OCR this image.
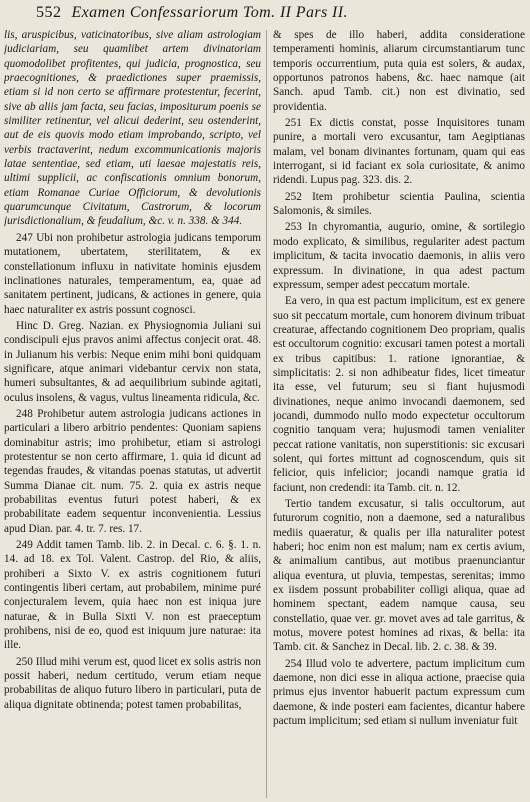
552 Examen Confessariorum Tom. II Pars II.

lis, aruspicibus, vaticinatoribus, sive aliam astrologiam judiciariam, seu quamlibet artem divinatoriam quomodolibet profitentes, qui judicia, prognostica, seu praecognitiones, & praedictiones super praemissis, etiam si id non certo se affirmare protestentur, fecerint, sive ab aliis jam facta, seu facias, impositurum poenis se similiter retinentur, vel alicui dederint, seu ostenderint, aut de eis quovis modo etiam improbando, scripto, vel verbis tractaverint, nedum excommunicationis majoris latae sententiae, sed etiam, uti laesae majestatis reis, ultimi supplicii, ac confiscationis omnium bonorum, etiam Romanae Curiae Officiorum, & devolutionis quarumcunque Civitatum, Castrorum, & locorum jurisdictionalium, & feudalium, &c. v. n. 338. & 344.

247 Ubi non prohibetur astrologia judicans temporum mutationem, ubertatem, sterilitatem, & ex constellationum influxu in nativitate hominis ejusdem inclinationes naturales, temperamentum, ea, quae ad sanitatem pertinent, judicans, & actiones in genere, quia haec naturaliter ex astris possunt cognosci.

Hinc D. Greg. Nazian. ex Physiognomia Juliani sui condiscipuli ejus pravos animi affectus conjecit orat. 48. in Julianum his verbis: Neque enim mihi boni quidquam significare, atque animari videbantur cervix non stata, humeri subsultantes, & ad aequilibrium subinde agitati, oculus insolens, & vagus, vultus lineamenta ridicula, &c.

248 Prohibetur autem astrologia judicans actiones in particulari a libero arbitrio pendentes: Quoniam sapiens dominabitur astris; imo prohibetur, etiam si astrologi protestentur se non certo affirmare, 1. quia id dicunt ad tegendas fraudes, & vitandas poenas statutas, ut advertit Summa Dianae cit. num. 75. 2. quia ex astris neque probabilitas eventus futuri potest haberi, & ex probabilitate eadem sequentur inconvenientia. Lessius apud Dian. par. 4. tr. 7. res. 17.

249 Addit tamen Tamb. lib. 2. in Decal. c. 6. §. 1. n. 14. ad 18. ex Tol. Valent. Castrop. del Rio, & aliis, prohiberi a Sixto V. ex astris cognitionem futuri contingentis liberi certam, aut probabilem, minime puré conjecturalem levem, quia haec non est iniqua jure naturae, & in Bulla Sixti V. non est praeceptum prohibens, nisi de eo, quod est iniquum jure naturae: ita ille.

250 Illud mihi verum est, quod licet ex solis astris non possit haberi, nedum certitudo, verum etiam neque probabilitas de aliquo futuro libero in particulari, puta de aliqua dignitate obtinenda; potest tamen probabilitas,

& spes de illo haberi, addita consideratione temperamenti hominis, aliarum circumstantiarum tunc temporis occurrentium, puta quia est solers, & audax, opportunos patronos habens, &c. haec namque (ait Sanch. apud Tamb. cit.) non est divinatio, sed providentia.

251 Ex dictis constat, posse Inquisitores tunam punire, a mortali vero excusantur, tam Aegiptianas malam, vel bonam divinantes fortunam, quam qui eas interrogant, si id faciant ex sola curiositate, & animo ridendi. Lupus pag. 323. dis. 2.

252 Item prohibetur scientia Paulina, scientia Salomonis, & similes.

253 In chyromantia, augurio, omine, & sortilegio modo explicato, & similibus, regulariter adest pactum implicitum, & tacita invocatio daemonis, in aliis vero expressum. In divinatione, in qua adest pactum expressum, semper adest peccatum mortale.

Ea vero, in qua est pactum implicitum, est ex genere suo sit peccatum mortale, cum honorem divinum tribuat creaturae, affectando cognitionem Deo propriam, qualis est occultorum cognitio: excusari tamen potest a mortali ex tribus capitibus: 1. ratione ignorantiae, & simplicitatis: 2. si non adhibeatur fides, licet timeatur ita esse, vel futurum; seu si fiant hujusmodi divinationes, neque animo invocandi daemonem, sed jocandi, dummodo nullo modo expectetur occultorum cognitio tanquam vera; hujusmodi tamen venialiter peccat ratione vanitatis, non superstitionis: sic excusari solent, qui fortes mittunt ad cognoscendum, quis sit felicior, quis infelicior; jocandi namque gratia id faciunt, non credendi: ita Tamb. cit. n. 12.

Tertio tandem excusatur, si talis occultorum, aut futurorum cognitio, non a daemone, sed a naturalibus mediis quaeratur, & qualis per illa naturaliter potest haberi; hoc enim non est malum; nam ex certis avium, & animalium cantibus, aut motibus praenunciantur aliqua eventura, ut pluvia, tempestas, serenitas; immo ex iisdem possunt probabiliter colligi aliqua, quae ad hominem spectant, eadem namque causa, seu constellatio, quae ver. gr. movet aves ad tale garritus, & motus, movere potest homines ad rixas, & bella: ita Tamb. cit. & Sanchez in Decal. lib. 2. c. 38. & 39.

254 Illud volo te advertere, pactum implicitum cum daemone, non dici esse in aliqua actione, praecise quia primus ejus inventor habuerit pactum expressum cum daemone, & inde posteri eam facientes, dicantur habere pactum implicitum; sed etiam si nullum inveniatur fuit
